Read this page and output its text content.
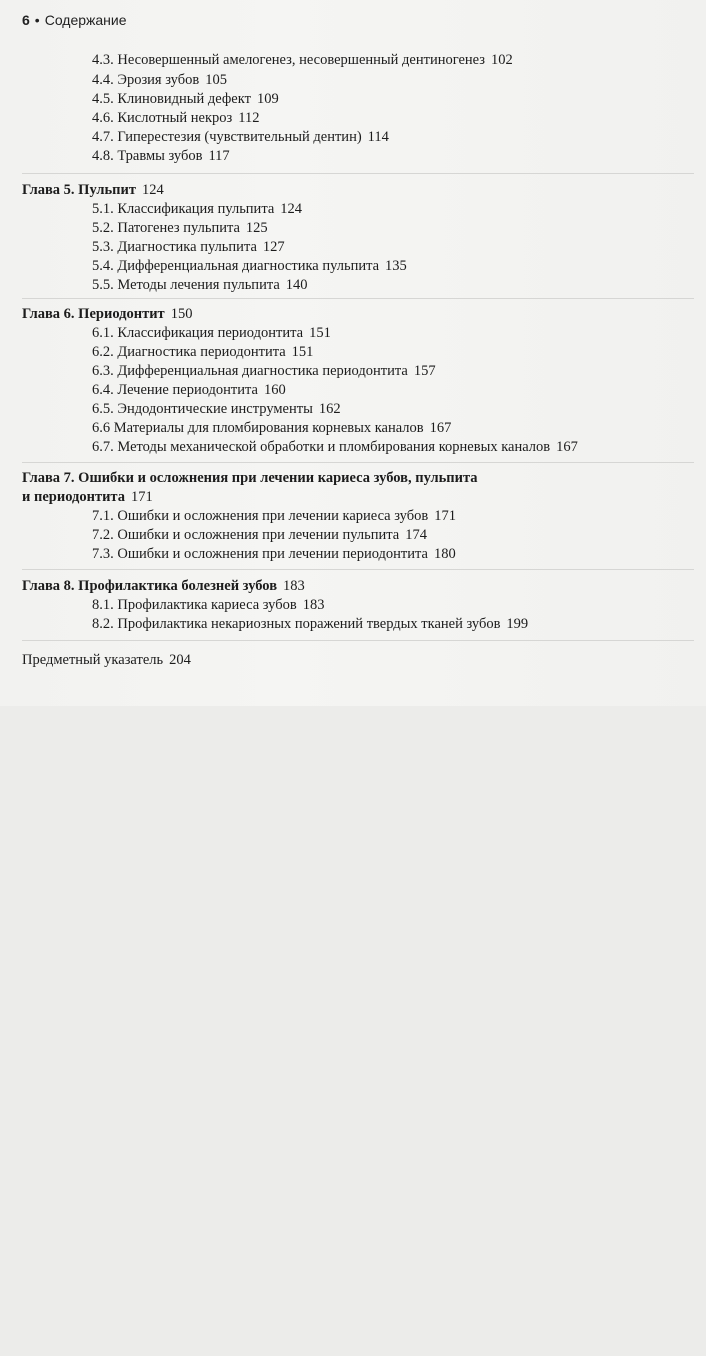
6 • Содержание
4.3. Несовершенный амелогенез, несовершенный дентиногенез 102
4.4. Эрозия зубов 105
4.5. Клиновидный дефект 109
4.6. Кислотный некроз 112
4.7. Гиперестезия (чувствительный дентин) 114
4.8. Травмы зубов 117
Глава 5. Пульпит 124
5.1. Классификация пульпита 124
5.2. Патогенез пульпита 125
5.3. Диагностика пульпита 127
5.4. Дифференциальная диагностика пульпита 135
5.5. Методы лечения пульпита 140
Глава 6. Периодонтит 150
6.1. Классификация периодонтита 151
6.2. Диагностика периодонтита 151
6.3. Дифференциальная диагностика периодонтита 157
6.4. Лечение периодонтита 160
6.5. Эндодонтические инструменты 162
6.6 Материалы для пломбирования корневых каналов 167
6.7. Методы механической обработки и пломбирования корневых каналов 167
Глава 7. Ошибки и осложнения при лечении кариеса зубов, пульпита
и периодонтита 171
7.1. Ошибки и осложнения при лечении кариеса зубов 171
7.2. Ошибки и осложнения при лечении пульпита 174
7.3. Ошибки и осложнения при лечении периодонтита 180
Глава 8. Профилактика болезней зубов 183
8.1. Профилактика кариеса зубов 183
8.2. Профилактика некариозных поражений твердых тканей зубов 199
Предметный указатель 204
